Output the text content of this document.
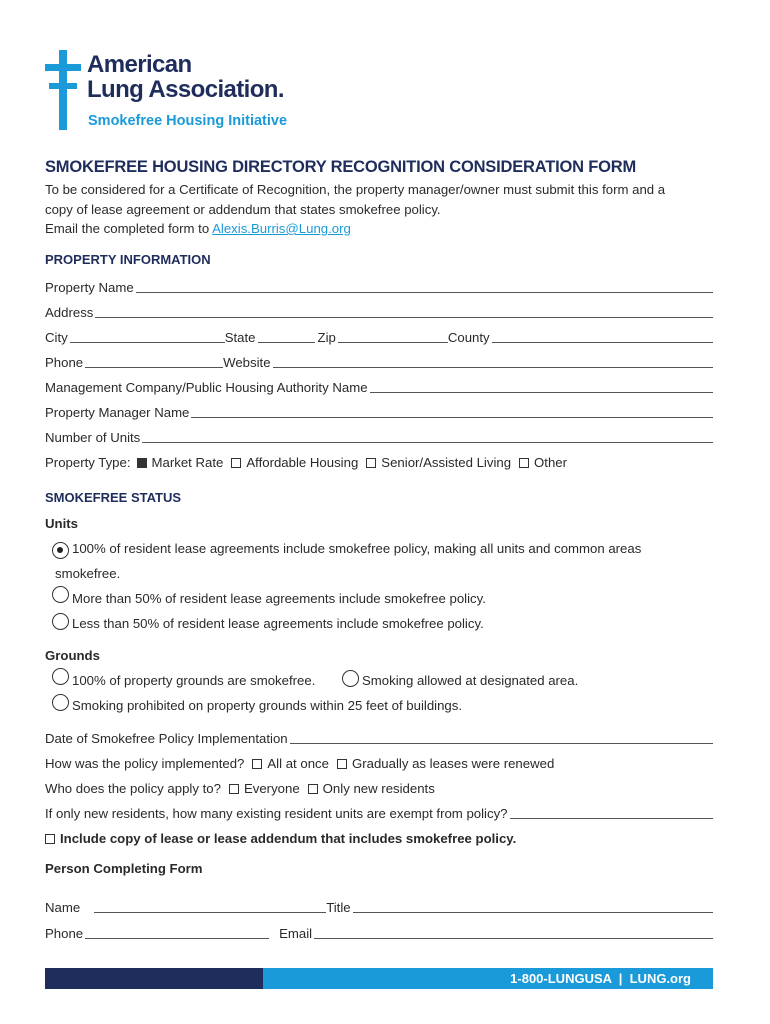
American
Lung Association.
Smokefree Housing Initiative
SMOKEFREE HOUSING DIRECTORY RECOGNITION CONSIDERATION FORM
To be considered for a Certificate of Recognition, the property manager/owner must submit this form and a
copy of lease agreement or addendum that states smokefree policy.
Email the completed form to Alexis.Burris@Lung.org
PROPERTY INFORMATION
Property Name
Address
City	State	Zip	County
Phone	Website
Management Company/Public Housing Authority Name
Property Manager Name
Number of Units
Property Type:	Market Rate	Affordable Housing	Senior/Assisted Living	Other
SMOKEFREE STATUS
Units
100% of resident lease agreements include smokefree policy, making all units and common areas
smokefree.
More than 50% of resident lease agreements include smokefree policy.
Less than 50% of resident lease agreements include smokefree policy.
Grounds
100% of property grounds are smokefree.	Smoking allowed at designated area.
Smoking prohibited on property grounds within 25 feet of buildings.
Date of Smokefree Policy Implementation
How was the policy implemented?	All at once	Gradually as leases were renewed
Who does the policy apply to?	Everyone	Only new residents
If only new residents, how many existing resident units are exempt from policy?
Include copy of lease or lease addendum that includes smokefree policy.
Person Completing Form
Name	Title
Phone	Email
1-800-LUNGUSA  |  LUNG.org
